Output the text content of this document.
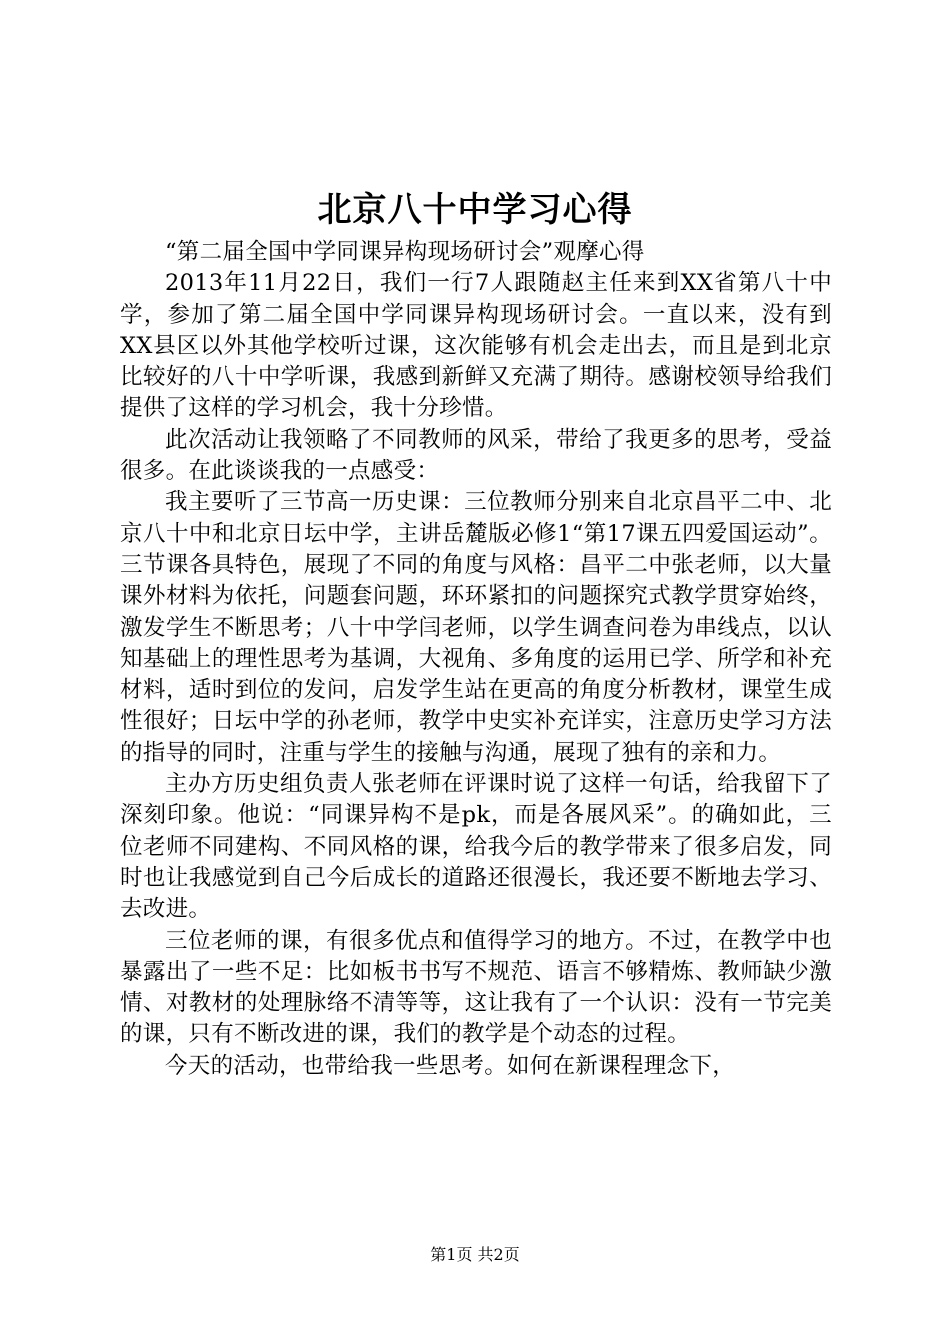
北京八十中学习心得

“第二届全国中学同课异构现场研讨会”观摩心得

2013年11月22日，我们一行7人跟随赵主任来到XX省第八十中学，参加了第二届全国中学同课异构现场研讨会。一直以来，没有到XX县区以外其他学校听过课，这次能够有机会走出去，而且是到北京比较好的八十中学听课，我感到新鲜又充满了期待。感谢校领导给我们提供了这样的学习机会，我十分珍惜。

此次活动让我领略了不同教师的风采，带给了我更多的思考，受益很多。在此谈谈我的一点感受：

我主要听了三节高一历史课：三位教师分别来自北京昌平二中、北京八十中和北京日坛中学，主讲岳麓版必修1“第17课五四爱国运动”。三节课各具特色，展现了不同的角度与风格：昌平二中张老师，以大量课外材料为依托，问题套问题，环环紧扣的问题探究式教学贯穿始终，激发学生不断思考；八十中学闫老师，以学生调查问卷为串线点，以认知基础上的理性思考为基调，大视角、多角度的运用已学、所学和补充材料，适时到位的发问，启发学生站在更高的角度分析教材，课堂生成性很好；日坛中学的孙老师，教学中史实补充详实，注意历史学习方法的指导的同时，注重与学生的接触与沟通，展现了独有的亲和力。

主办方历史组负责人张老师在评课时说了这样一句话，给我留下了深刻印象。他说：“同课异构不是pk，而是各展风采”。的确如此，三位老师不同建构、不同风格的课，给我今后的教学带来了很多启发，同时也让我感觉到自己今后成长的道路还很漫长，我还要不断地去学习、去改进。

三位老师的课，有很多优点和值得学习的地方。不过，在教学中也暴露出了一些不足：比如板书书写不规范、语言不够精炼、教师缺少激情、对教材的处理脉络不清等等，这让我有了一个认识：没有一节完美的课，只有不断改进的课，我们的教学是个动态的过程。

今天的活动，也带给我一些思考。如何在新课程理念下，

第1页 共2页
